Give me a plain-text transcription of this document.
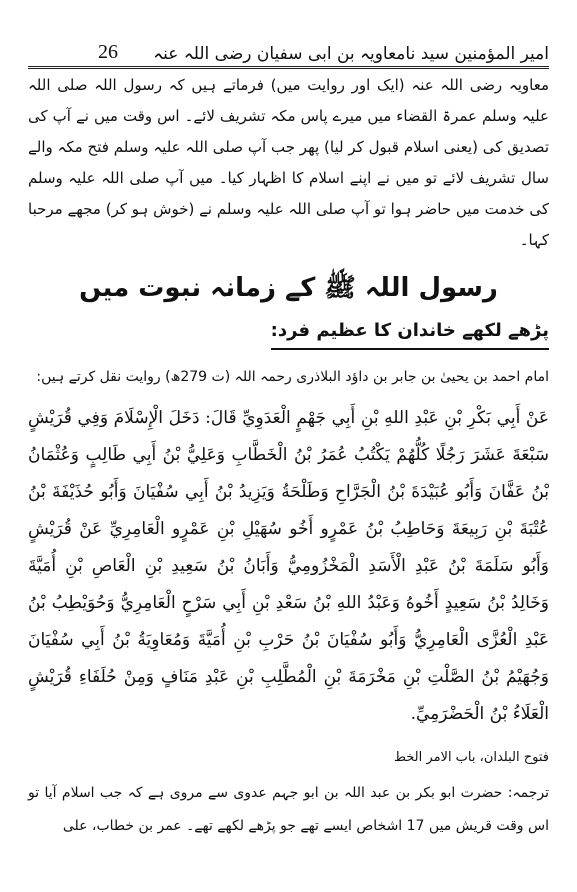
26 امیر المؤمنین سید نامعاویہ بن ابی سفیان رضی اللہ عنہ

معاویہ رضی اللہ عنہ (ایک اور روایت میں) فرماتے ہیں کہ رسول اللہ صلی اللہ علیہ وسلم عمرۃ القضاء میں میرے پاس مکہ تشریف لائے۔ اس وقت میں نے آپ کی تصدیق کی (یعنی اسلام قبول کر لیا) پھر جب آپ صلی اللہ علیہ وسلم فتح مکہ والے سال تشریف لائے تو میں نے اپنے اسلام کا اظہار کیا۔ میں آپ صلی اللہ علیہ وسلم کی خدمت میں حاضر ہوا تو آپ صلی اللہ علیہ وسلم نے (خوش ہو کر) مجھے مرحبا کہا۔

رسول اللہ ﷺ کے زمانہ نبوت میں
پڑھے لکھے خاندان کا عظیم فرد:

امام احمد بن یحییٰ بن جابر بن داؤد البلاذری رحمہ اللہ (ت 279ھ) روایت نقل کرتے ہیں:

عَنْ أَبِي بَكْرِ بْنِ عَبْدِ اللهِ بْنِ أَبِي جَهْمٍ الْعَدَوِيِّ قَالَ: دَخَلَ الْإِسْلَامَ وَفِي قُرَيْشٍ سَبْعَةَ عَشَرَ رَجُلًا كُلُّهُمْ يَكْتُبُ عُمَرُ بْنُ الْخَطَّابِ وَعَلِيُّ بْنُ أَبِي طَالِبٍ وَعُثْمَانُ بْنُ عَفَّانَ وَأَبُو عُبَيْدَةَ بْنُ الْجَرَّاحِ وَطَلْحَةُ وَيَزِيدُ بْنُ أَبِي سُفْيَانَ وَأَبُو حُذَيْفَةَ بْنُ عُتْبَةَ بْنِ رَبِيعَةَ وَحَاطِبُ بْنُ عَمْرٍو أَخُو سُهَيْلِ بْنِ عَمْرٍو الْعَامِرِيِّ عَنْ قُرَيْشٍ وَأَبُو سَلَمَةَ بْنُ عَبْدِ الْأَسَدِ الْمَخْزُومِيُّ وَأَبَانُ بْنُ سَعِيدِ بْنِ الْعَاصِ بْنِ أُمَيَّةَ وَخَالِدُ بْنُ سَعِيدٍ أَخُوهُ وَعَبْدُ اللهِ بْنُ سَعْدِ بْنِ أَبِي سَرْحٍ الْعَامِرِيُّ وَحُوَيْطِبُ بْنُ عَبْدِ الْعُزَّى الْعَامِرِيُّ وَأَبُو سُفْيَانَ بْنُ حَرْبِ بْنِ أُمَيَّةَ وَمُعَاوِيَةُ بْنُ أَبِي سُفْيَانَ وَجُهَيْمُ بْنُ الصَّلْتِ بْنِ مَخْرَمَةَ بْنِ الْمُطَّلِبِ بْنِ عَبْدِ مَنَافٍ وَمِنْ حُلَفَاءِ قُرَيْشٍ الْعَلَاءُ بْنُ الْحَضْرَمِيِّ.

فتوح البلدان، باب الامر الخط

ترجمہ: حضرت ابو بکر بن عبد اللہ بن ابو جہم عدوی سے مروی ہے کہ جب اسلام آیا تو اس وقت قریش میں 17 اشخاص ایسے تھے جو پڑھے لکھے تھے۔ عمر بن خطاب، علی
